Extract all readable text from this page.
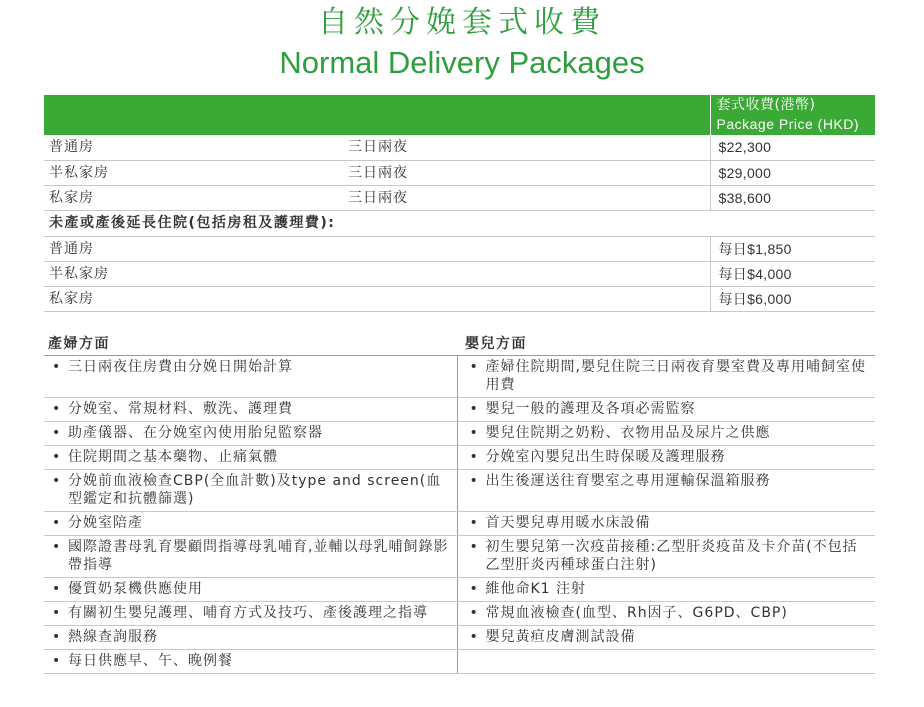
自然分娩套式收費
Normal Delivery Packages

		套式收費(港幣)
Package Price (HKD)

普通房	三日兩夜	$22,300
半私家房	三日兩夜	$29,000
私家房	三日兩夜	$38,600
未產或產後延長住院(包括房租及護理費):		
普通房		每日$1,850
半私家房		每日$4,000
私家房		每日$6,000
產婦方面	嬰兒方面

• 三日兩夜住房費由分娩日開始計算	• 產婦住院期間,嬰兒住院三日兩夜育嬰室費及專用哺飼室使用費

• 分娩室、常規材料、敷洗、護理費	• 嬰兒一般的護理及各項必需監察

• 助產儀器、在分娩室內使用胎兒監察器	• 嬰兒住院期之奶粉、衣物用品及尿片之供應

• 住院期間之基本藥物、止痛氣體	• 分娩室內嬰兒出生時保暖及護理服務

• 分娩前血液檢查CBP(全血計數)及type and screen(血型鑑定和抗體篩選)	• 出生後運送往育嬰室之專用運輸保溫箱服務

• 分娩室陪產	• 首天嬰兒專用暖水床設備

• 國際證書母乳育嬰顧問指導母乳哺育,並輔以母乳哺飼錄影帶指導	• 初生嬰兒第一次疫苗接種:乙型肝炎疫苗及卡介苗(不包括乙型肝炎丙種球蛋白注射)

• 優質奶泵機供應使用	• 維他命K1 注射

• 有關初生嬰兒護理、哺育方式及技巧、產後護理之指導	• 常規血液檢查(血型、Rh因子、G6PD、CBP)

• 熱線查詢服務	• 嬰兒黃疸皮膚測試設備

• 每日供應早、午、晚例餐	
